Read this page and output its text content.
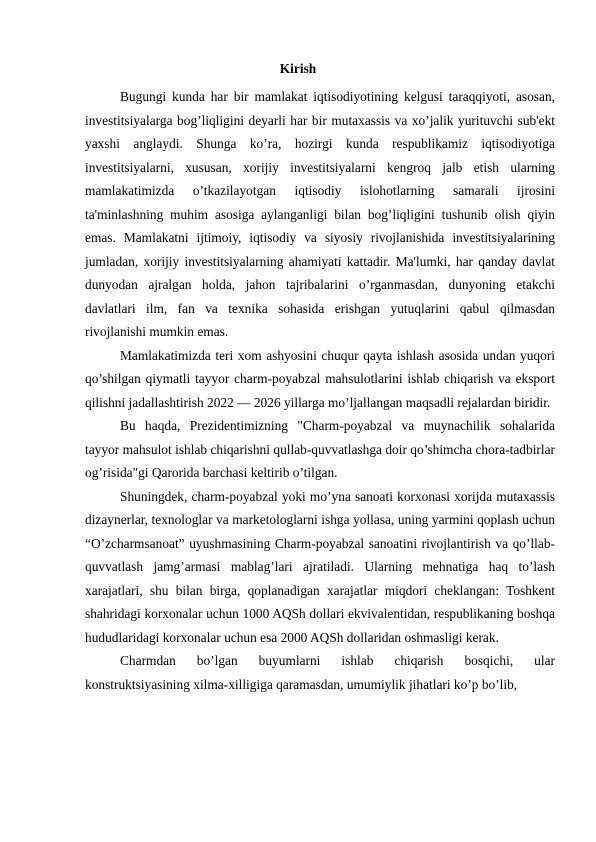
Kirish

Bugungi kunda har bir mamlakat iqtisodiyotining kelgusi taraqqiyoti, asosan, investitsiyalarga bog’liqligini deyarli har bir mutaxassis va xo’jalik yurituvchi sub'ekt yaxshi anglaydi. Shunga ko’ra, hozirgi kunda respublikamiz iqtisodiyotiga investitsiyalarni, xususan, xorijiy investitsiyalarni kengroq jalb etish ularning mamlakatimizda o’tkazilayotgan iqtisodiy islohotlarning samarali ijrosini ta'minlashning muhim asosiga aylanganligi bilan bog’liqligini tushunib olish qiyin emas. Mamlakatni ijtimoiy, iqtisodiy va siyosiy rivojlanishida investitsiyalarining jumladan, xorijiy investitsiyalarning ahamiyati kattadir. Ma'lumki, har qanday davlat dunyodan ajralgan holda, jahon tajribalarini o’rganmasdan, dunyoning etakchi davlatlari ilm, fan va texnika sohasida erishgan yutuqlarini qabul qilmasdan rivojlanishi mumkin emas.

Mamlakatimizda teri xom ashyosini chuqur qayta ishlash asosida undan yuqori qo’shilgan qiymatli tayyor charm-poyabzal mahsulotlarini ishlab chiqarish va eksport qilishni jadallashtirish 2022 — 2026 yillarga mo’ljallangan maqsadli rejalardan biridir.

Bu haqda, Prezidentimizning "Charm-poyabzal va muynachilik sohalarida tayyor mahsulot ishlab chiqarishni qullab-quvvatlashga doir qo’shimcha chora-tadbirlar og’risida"gi Qarorida barchasi keltirib o’tilgan.

Shuningdek, charm-poyabzal yoki mo’yna sanoati korxonasi xorijda mutaxassis dizaynerlar, texnologlar va marketologlarni ishga yollasa, uning yarmini qoplash uchun “O’zcharmsanoat” uyushmasining Charm-poyabzal sanoatini rivojlantirish va qo’llab-quvvatlash jamg’armasi mablag’lari ajratiladi. Ularning mehnatiga haq to’lash xarajatlari, shu bilan birga, qoplanadigan xarajatlar miqdori cheklangan: Toshkent shahridagi korxonalar uchun 1000 AQSh dollari ekvivalentidan, respublikaning boshqa hududlaridagi korxonalar uchun esa 2000 AQSh dollaridan oshmasligi kerak.

Charmdan bo’lgan buyumlarni ishlab chiqarish bosqichi, ular konstruktsiyasining xilma-xilligiga qaramasdan, umumiylik jihatlari ko’p bo’lib,
